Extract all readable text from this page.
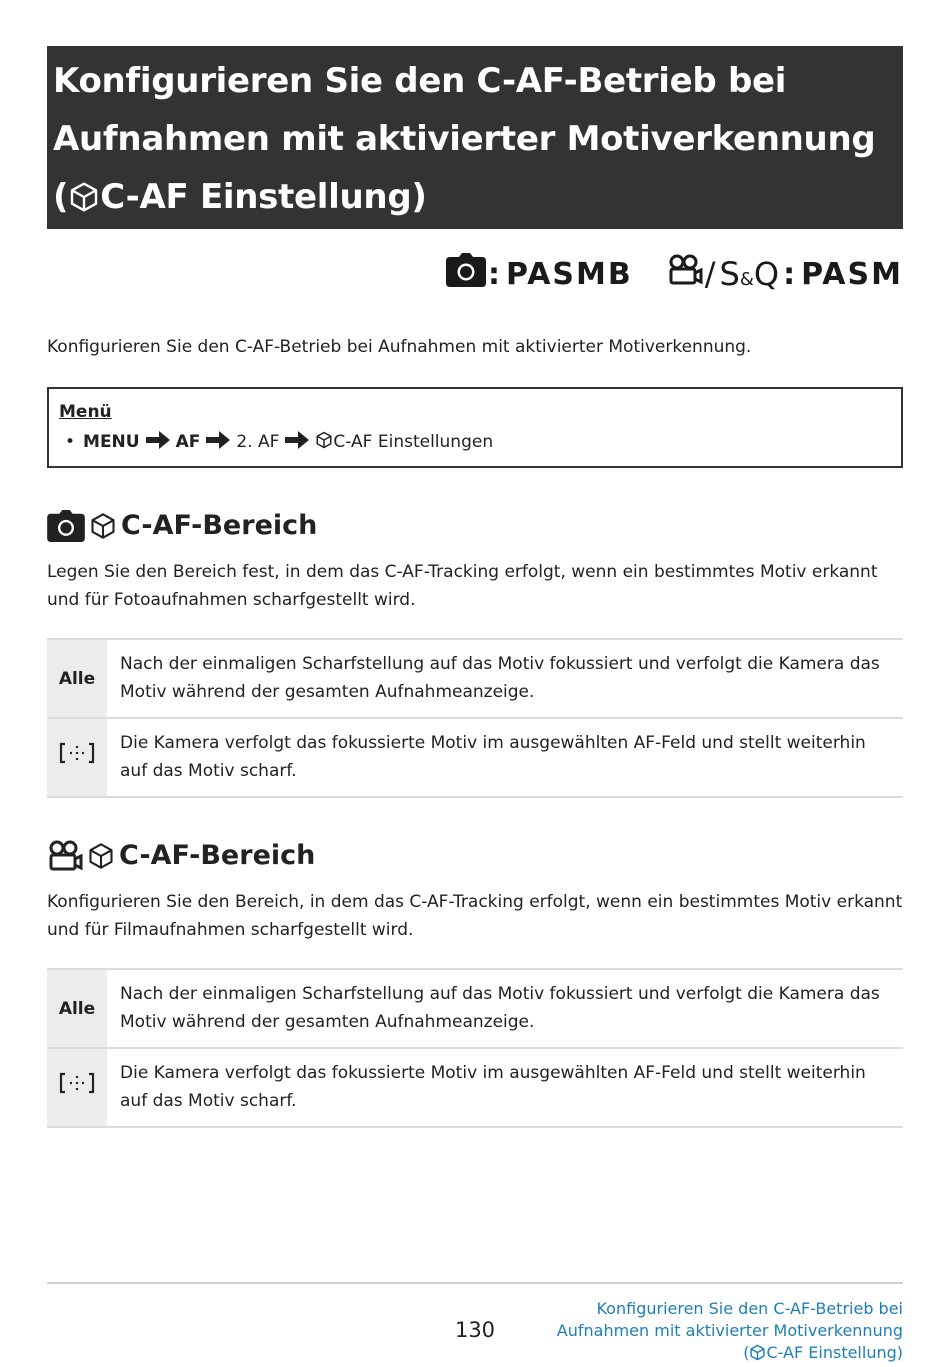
Konfigurieren Sie den C-AF-Betrieb bei
Aufnahmen mit aktivierter Motiverkennung
( C-AF Einstellung)
: PASMB / S&Q : PASM
Konfigurieren Sie den C-AF-Betrieb bei Aufnahmen mit aktivierter Motiverkennung.
Menü
• MENU AF 2. AF	C-AF Einstellungen
C-AF-Bereich
Legen Sie den Bereich fest, in dem das C-AF-Tracking erfolgt, wenn ein bestimmtes Motiv erkannt und für Fotoaufnahmen scharfgestellt wird.
Alle	Nach der einmaligen Scharfstellung auf das Motiv fokussiert und verfolgt die Kamera das Motiv während der gesamten Aufnahmeanzeige.
	Die Kamera verfolgt das fokussierte Motiv im ausgewählten AF-Feld und stellt weiterhin auf das Motiv scharf.
C-AF-Bereich
Konfigurieren Sie den Bereich, in dem das C-AF-Tracking erfolgt, wenn ein bestimmtes Motiv erkannt und für Filmaufnahmen scharfgestellt wird.
Alle	Nach der einmaligen Scharfstellung auf das Motiv fokussiert und verfolgt die Kamera das Motiv während der gesamten Aufnahmeanzeige.
	Die Kamera verfolgt das fokussierte Motiv im ausgewählten AF-Feld und stellt weiterhin auf das Motiv scharf.
130
Konfigurieren Sie den C-AF-Betrieb bei
Aufnahmen mit aktivierter Motiverkennung
( C-AF Einstellung)
